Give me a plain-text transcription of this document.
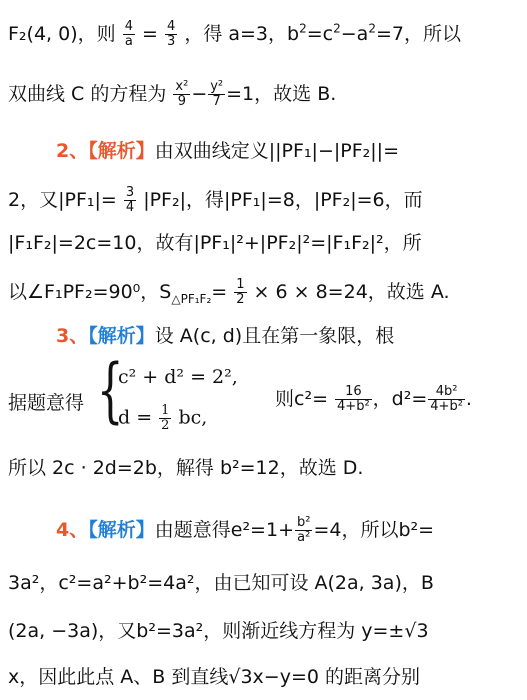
F₂(4, 0)，则 $\frac{4}{a} = \frac{4}{3}$ ，得 a=3，$b^2=c^2-a^2=7$，所以
双曲线 C 的方程为 $\frac{\text{x²}}{9} - \frac{\text{y²}}{7} =1$，故选 B.
2、【解析】由双曲线定义||PF₁|−|PF₂||=
2，又$|PF_1|= \frac{3}{4} |PF_2|$，得|PF₁|=8，|PF₂|=6，而
|F₁F₂|=2c=10，故有|PF₁|²+|PF₂|²=|F₁F₂|²，所
以∠F₁PF₂=90⁰，$S_{\triangle PF_1F_2}= \frac{1}{2} \times 6 \times 8=24$，故选 A.
3、【解析】设 A(c, d)且在第一象限，根
据题意得 {
c² + d² = 2²,
$d = \frac{1}{2}$ bc,
则$c^2= \frac{16}{\text{4+b²}}$ ，$d^2= \frac{\text{4b²}}{\text{4+b²}}$ .
所以 2c · 2d=2b，解得 b²=12，故选 D.
4、【解析】由题意得$e^2=1+ \frac{\text{b²}}{\text{a²}} =4$，所以b²=
3a²，c²=a²+b²=4a²，由已知可设 A(2a, 3a)，B
(2a, −3a)，又b²=3a²，则渐近线方程为 y=±√3
x，因此此点 A、B 到直线√3x−y=0 的距离分别
